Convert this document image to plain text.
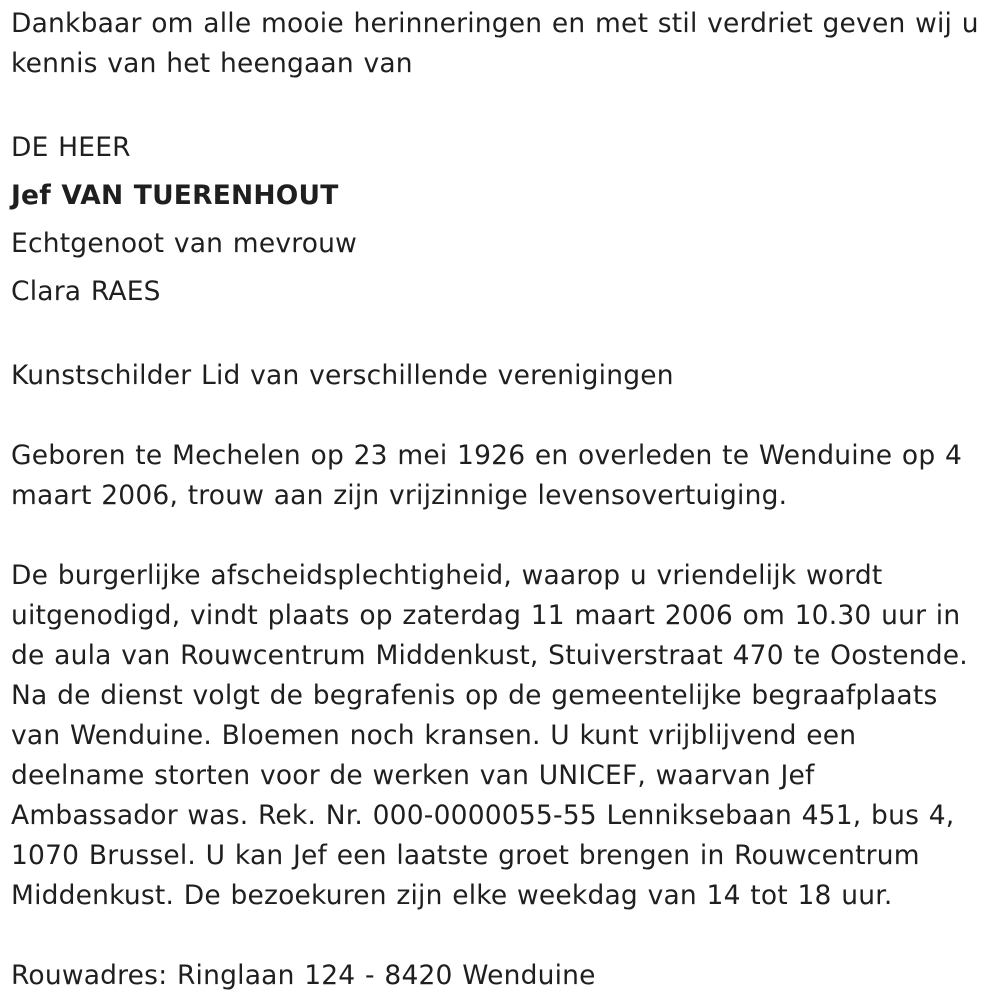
Dankbaar om alle mooie herinneringen en met stil verdriet geven wij u kennis van het heengaan van

DE HEER

Jef VAN TUERENHOUT

Echtgenoot van mevrouw

Clara RAES

Kunstschilder Lid van verschillende verenigingen

Geboren te Mechelen op 23 mei 1926 en overleden te Wenduine op 4 maart 2006, trouw aan zijn vrijzinnige levensovertuiging.

De burgerlijke afscheidsplechtigheid, waarop u vriendelijk wordt uitgenodigd, vindt plaats op zaterdag 11 maart 2006 om 10.30 uur in de aula van Rouwcentrum Middenkust, Stuiverstraat 470 te Oostende. Na de dienst volgt de begrafenis op de gemeentelijke begraafplaats van Wenduine. Bloemen noch kransen. U kunt vrijblijvend een deelname storten voor de werken van UNICEF, waarvan Jef Ambassador was. Rek. Nr. 000-0000055-55 Lenniksebaan 451, bus 4, 1070 Brussel. U kan Jef een laatste groet brengen in Rouwcentrum Middenkust. De bezoekuren zijn elke weekdag van 14 tot 18 uur.

Rouwadres: Ringlaan 124 - 8420 Wenduine
